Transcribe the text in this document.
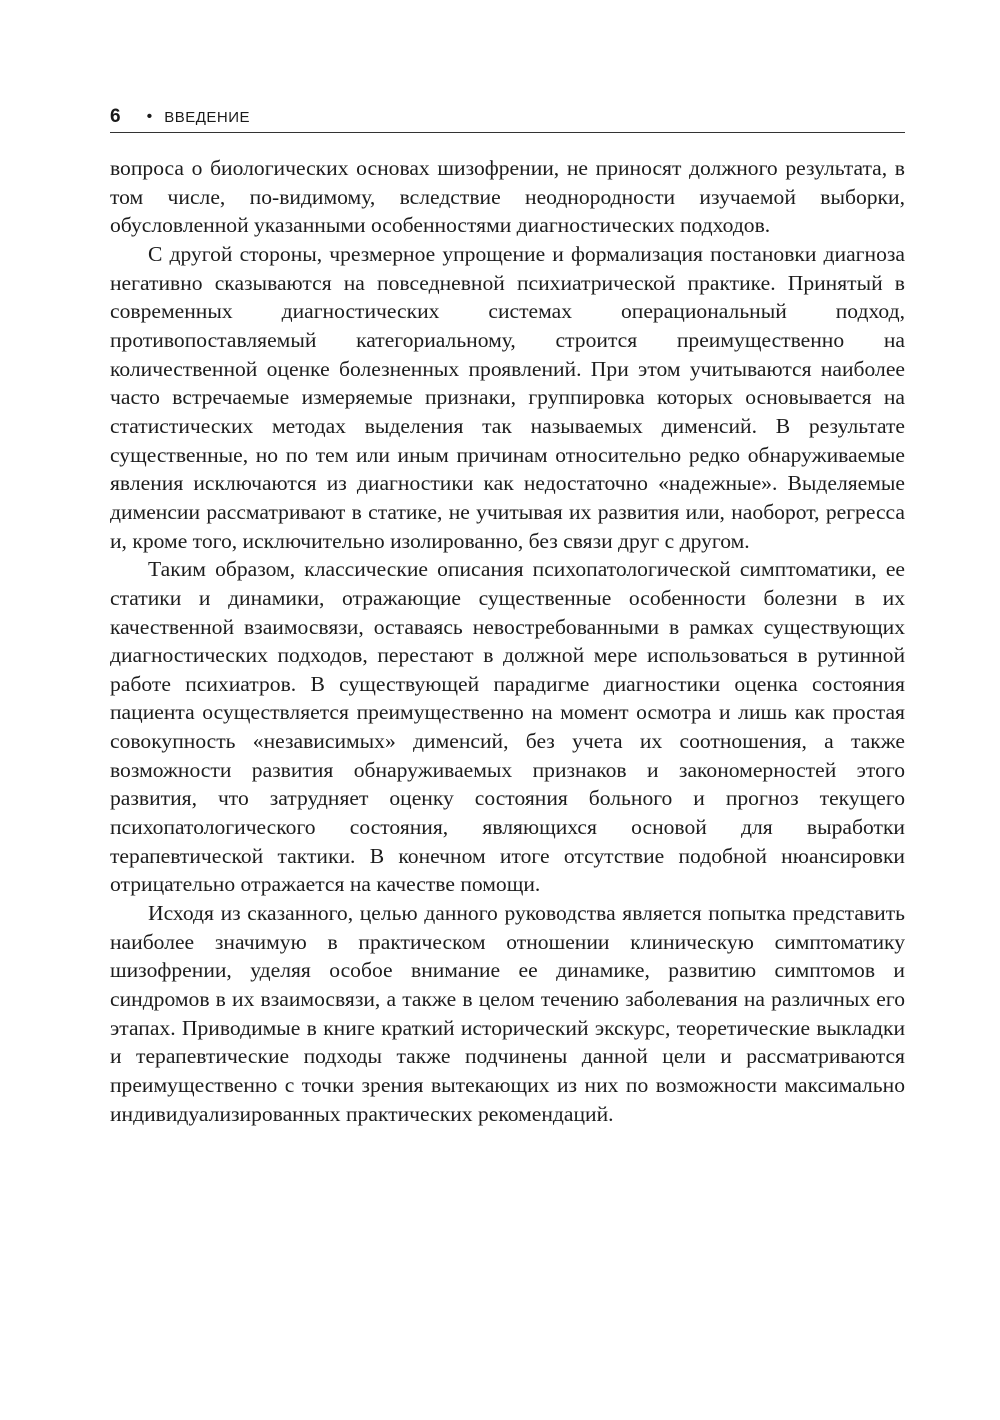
6 • ВВЕДЕНИЕ

вопроса о биологических основах шизофрении, не приносят должного результата, в том числе, по-видимому, вследствие неоднородности изучаемой выборки, обусловленной указанными особенностями диагностических подходов.

С другой стороны, чрезмерное упрощение и формализация постановки диагноза негативно сказываются на повседневной психиатрической практике. Принятый в современных диагностических системах операциональный подход, противопоставляемый категориальному, строится преимущественно на количественной оценке болезненных проявлений. При этом учитываются наиболее часто встречаемые измеряемые признаки, группировка которых основывается на статистических методах выделения так называемых дименсий. В результате существенные, но по тем или иным причинам относительно редко обнаруживаемые явления исключаются из диагностики как недостаточно «надежные». Выделяемые дименсии рассматривают в статике, не учитывая их развития или, наоборот, регресса и, кроме того, исключительно изолированно, без связи друг с другом.

Таким образом, классические описания психопатологической симптоматики, ее статики и динамики, отражающие существенные особенности болезни в их качественной взаимосвязи, оставаясь невостребованными в рамках существующих диагностических подходов, перестают в должной мере использоваться в рутинной работе психиатров. В существующей парадигме диагностики оценка состояния пациента осуществляется преимущественно на момент осмотра и лишь как простая совокупность «независимых» дименсий, без учета их соотношения, а также возможности развития обнаруживаемых признаков и закономерностей этого развития, что затрудняет оценку состояния больного и прогноз текущего психопатологического состояния, являющихся основой для выработки терапевтической тактики. В конечном итоге отсутствие подобной нюансировки отрицательно отражается на качестве помощи.

Исходя из сказанного, целью данного руководства является попытка представить наиболее значимую в практическом отношении клиническую симптоматику шизофрении, уделяя особое внимание ее динамике, развитию симптомов и синдромов в их взаимосвязи, а также в целом течению заболевания на различных его этапах. Приводимые в книге краткий исторический экскурс, теоретические выкладки и терапевтические подходы также подчинены данной цели и рассматриваются преимущественно с точки зрения вытекающих из них по возможности максимально индивидуализированных практических рекомендаций.
